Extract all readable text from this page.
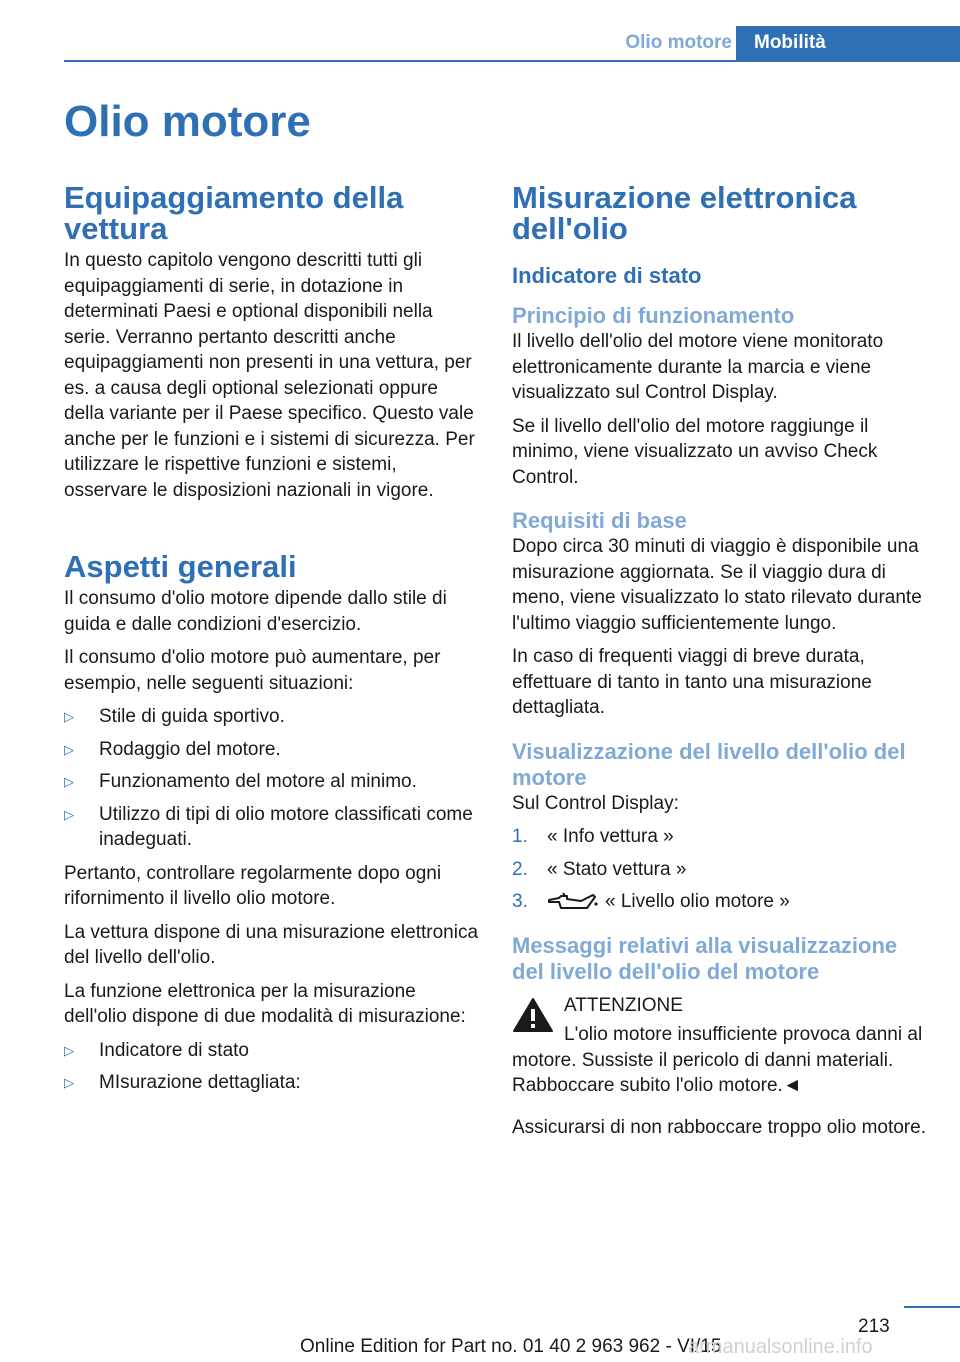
Olio motore	Mobilità
Olio motore
Equipaggiamento della vettura

In questo capitolo vengono descritti tutti gli equipaggiamenti di serie, in dotazione in determinati Paesi e optional disponibili nella serie. Verranno pertanto descritti anche equipaggiamenti non presenti in una vettura, per es. a causa degli optional selezionati oppure della variante per il Paese specifico. Questo vale anche per le funzioni e i sistemi di sicurezza. Per utilizzare le rispettive funzioni e sistemi, osservare le disposizioni nazionali in vigore.

Aspetti generali

Il consumo d'olio motore dipende dallo stile di guida e dalle condizioni d'esercizio.

Il consumo d'olio motore può aumentare, per esempio, nelle seguenti situazioni:

▷ Stile di guida sportivo.
▷ Rodaggio del motore.
▷ Funzionamento del motore al minimo.
▷ Utilizzo di tipi di olio motore classificati come inadeguati.

Pertanto, controllare regolarmente dopo ogni rifornimento il livello olio motore.

La vettura dispone di una misurazione elettronica del livello dell'olio.

La funzione elettronica per la misurazione dell'olio dispone di due modalità di misurazione:

▷ Indicatore di stato
▷ MIsurazione dettagliata:
Misurazione elettronica dell'olio
Indicatore di stato
Principio di funzionamento

Il livello dell'olio del motore viene monitorato elettronicamente durante la marcia e viene visualizzato sul Control Display.

Se il livello dell'olio del motore raggiunge il minimo, viene visualizzato un avviso Check Control.

Requisiti di base

Dopo circa 30 minuti di viaggio è disponibile una misurazione aggiornata. Se il viaggio dura di meno, viene visualizzato lo stato rilevato durante l'ultimo viaggio sufficientemente lungo.

In caso di frequenti viaggi di breve durata, effettuare di tanto in tanto una misurazione dettagliata.

Visualizzazione del livello dell'olio del motore

Sul Control Display:

1. « Info vettura »
2. « Stato vettura »
3.	« Livello olio motore »
Messaggi relativi alla visualizzazione del livello dell'olio del motore

ATTENZIONE

L'olio motore insufficiente provoca danni al motore. Sussiste il pericolo di danni materiali. Rabboccare subito l'olio motore.◄

Assicurarsi di non rabboccare troppo olio motore.

213
Online Edition for Part no. 01 40 2 963 962 - VI/15
armanualsonline.info
